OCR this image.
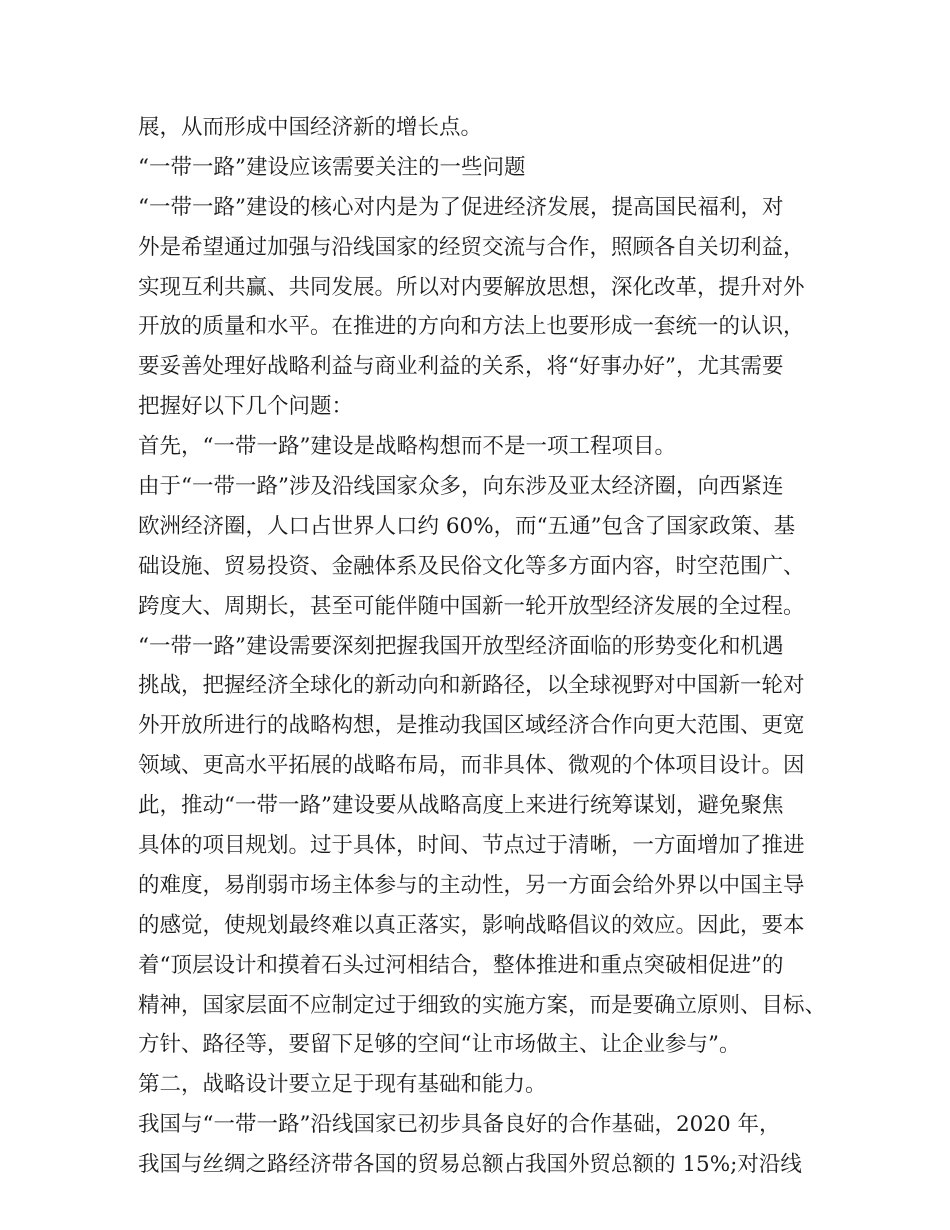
展，从而形成中国经济新的增长点。
“一带一路”建设应该需要关注的一些问题
“一带一路”建设的核心对内是为了促进经济发展，提高国民福利，对
外是希望通过加强与沿线国家的经贸交流与合作，照顾各自关切利益，
实现互利共赢、共同发展。所以对内要解放思想，深化改革，提升对外
开放的质量和水平。在推进的方向和方法上也要形成一套统一的认识，
要妥善处理好战略利益与商业利益的关系，将“好事办好”，尤其需要
把握好以下几个问题：
首先，“一带一路”建设是战略构想而不是一项工程项目。
由于“一带一路”涉及沿线国家众多，向东涉及亚太经济圈，向西紧连
欧洲经济圈，人口占世界人口约 60%，而“五通”包含了国家政策、基
础设施、贸易投资、金融体系及民俗文化等多方面内容，时空范围广、
跨度大、周期长，甚至可能伴随中国新一轮开放型经济发展的全过程。
“一带一路”建设需要深刻把握我国开放型经济面临的形势变化和机遇
挑战，把握经济全球化的新动向和新路径，以全球视野对中国新一轮对
外开放所进行的战略构想，是推动我国区域经济合作向更大范围、更宽
领域、更高水平拓展的战略布局，而非具体、微观的个体项目设计。因
此，推动“一带一路”建设要从战略高度上来进行统筹谋划，避免聚焦
具体的项目规划。过于具体，时间、节点过于清晰，一方面增加了推进
的难度，易削弱市场主体参与的主动性，另一方面会给外界以中国主导
的感觉，使规划最终难以真正落实，影响战略倡议的效应。因此，要本
着“顶层设计和摸着石头过河相结合，整体推进和重点突破相促进”的
精神，国家层面不应制定过于细致的实施方案，而是要确立原则、目标、
方针、路径等，要留下足够的空间“让市场做主、让企业参与”。
第二，战略设计要立足于现有基础和能力。
我国与“一带一路”沿线国家已初步具备良好的合作基础，2020 年，
我国与丝绸之路经济带各国的贸易总额占我国外贸总额的 15%;对沿线
